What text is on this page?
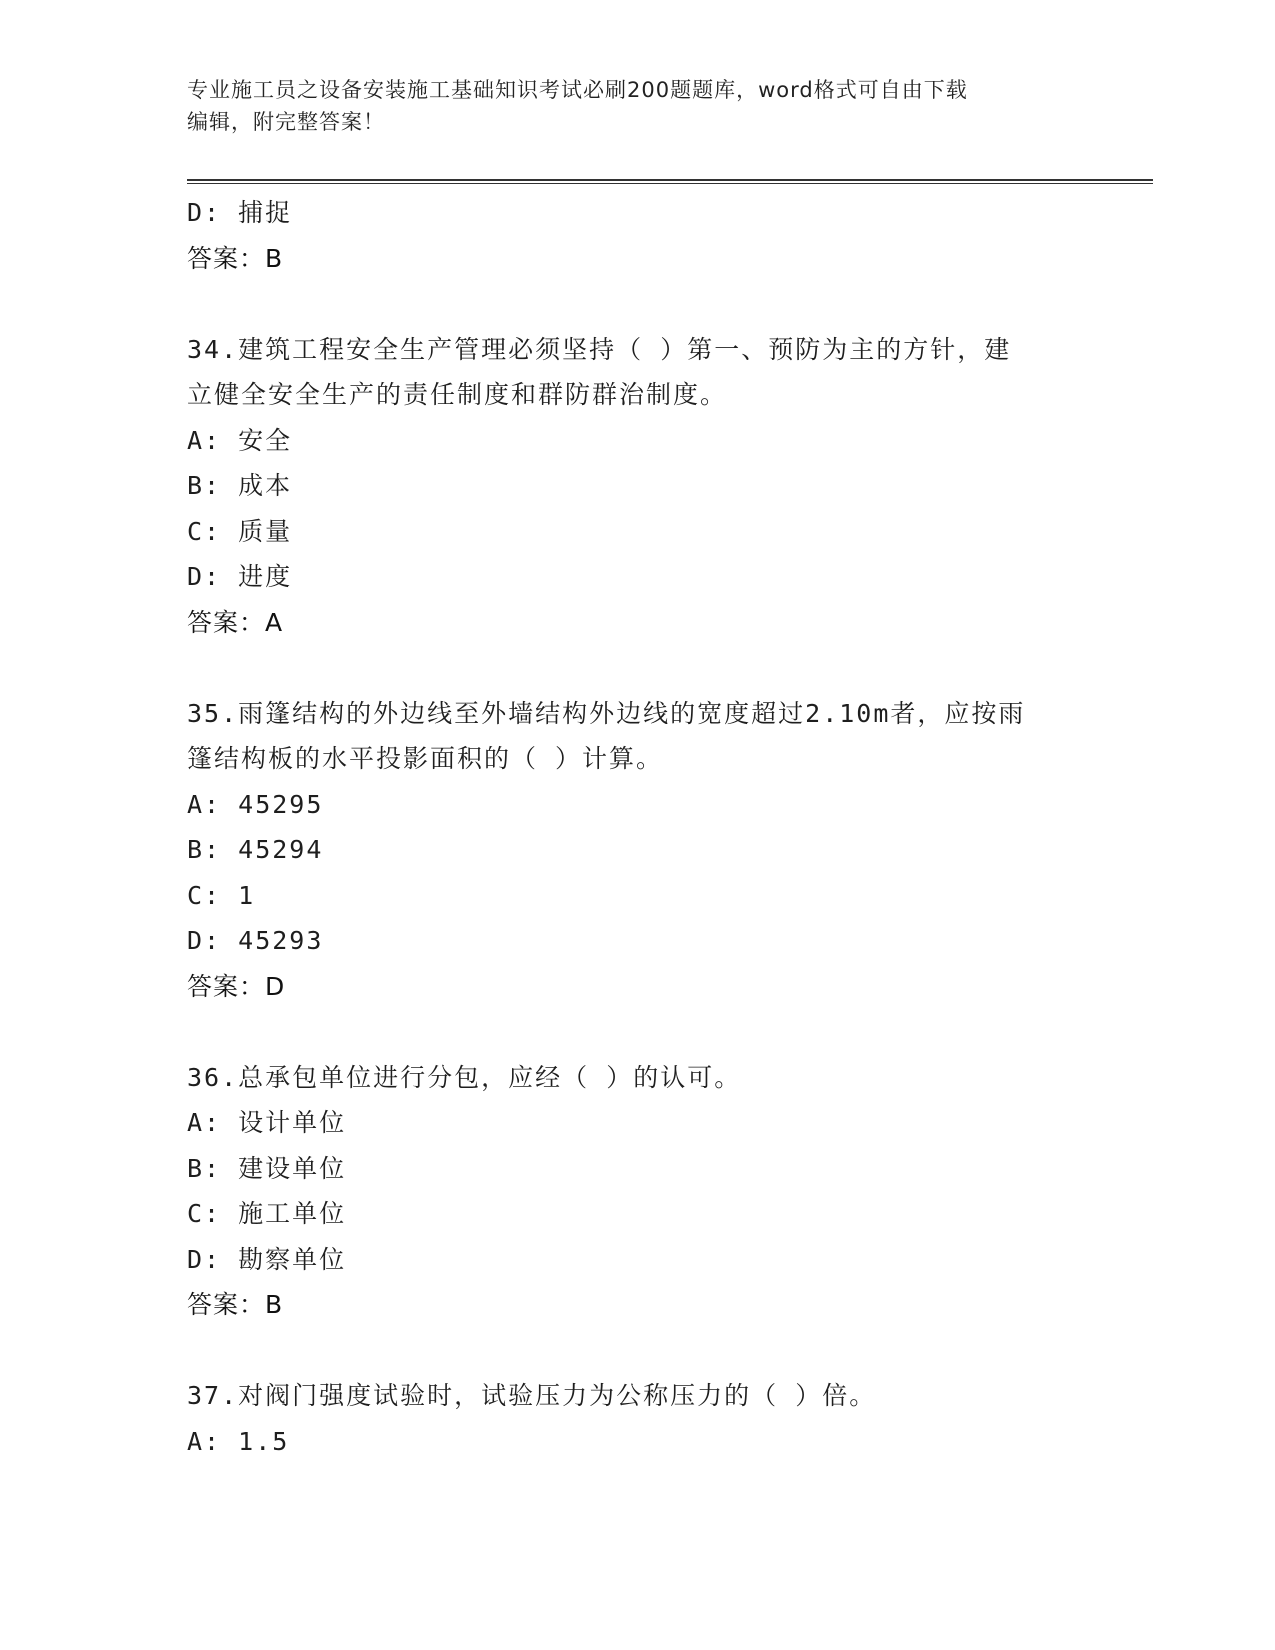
专业施工员之设备安装施工基础知识考试必刷200题题库，word格式可自由下载
编辑，附完整答案！
D: 捕捉
答案：B
34.建筑工程安全生产管理必须坚持（ ）第一、预防为主的方针，建
立健全安全生产的责任制度和群防群治制度。
A: 安全
B: 成本
C: 质量
D: 进度
答案：A
35.雨篷结构的外边线至外墙结构外边线的宽度超过2.10m者，应按雨
篷结构板的水平投影面积的（ ）计算。
A: 45295
B: 45294
C: 1
D: 45293
答案：D
36.总承包单位进行分包，应经（ ）的认可。
A: 设计单位
B: 建设单位
C: 施工单位
D: 勘察单位
答案：B
37.对阀门强度试验时，试验压力为公称压力的（ ）倍。
A: 1.5
